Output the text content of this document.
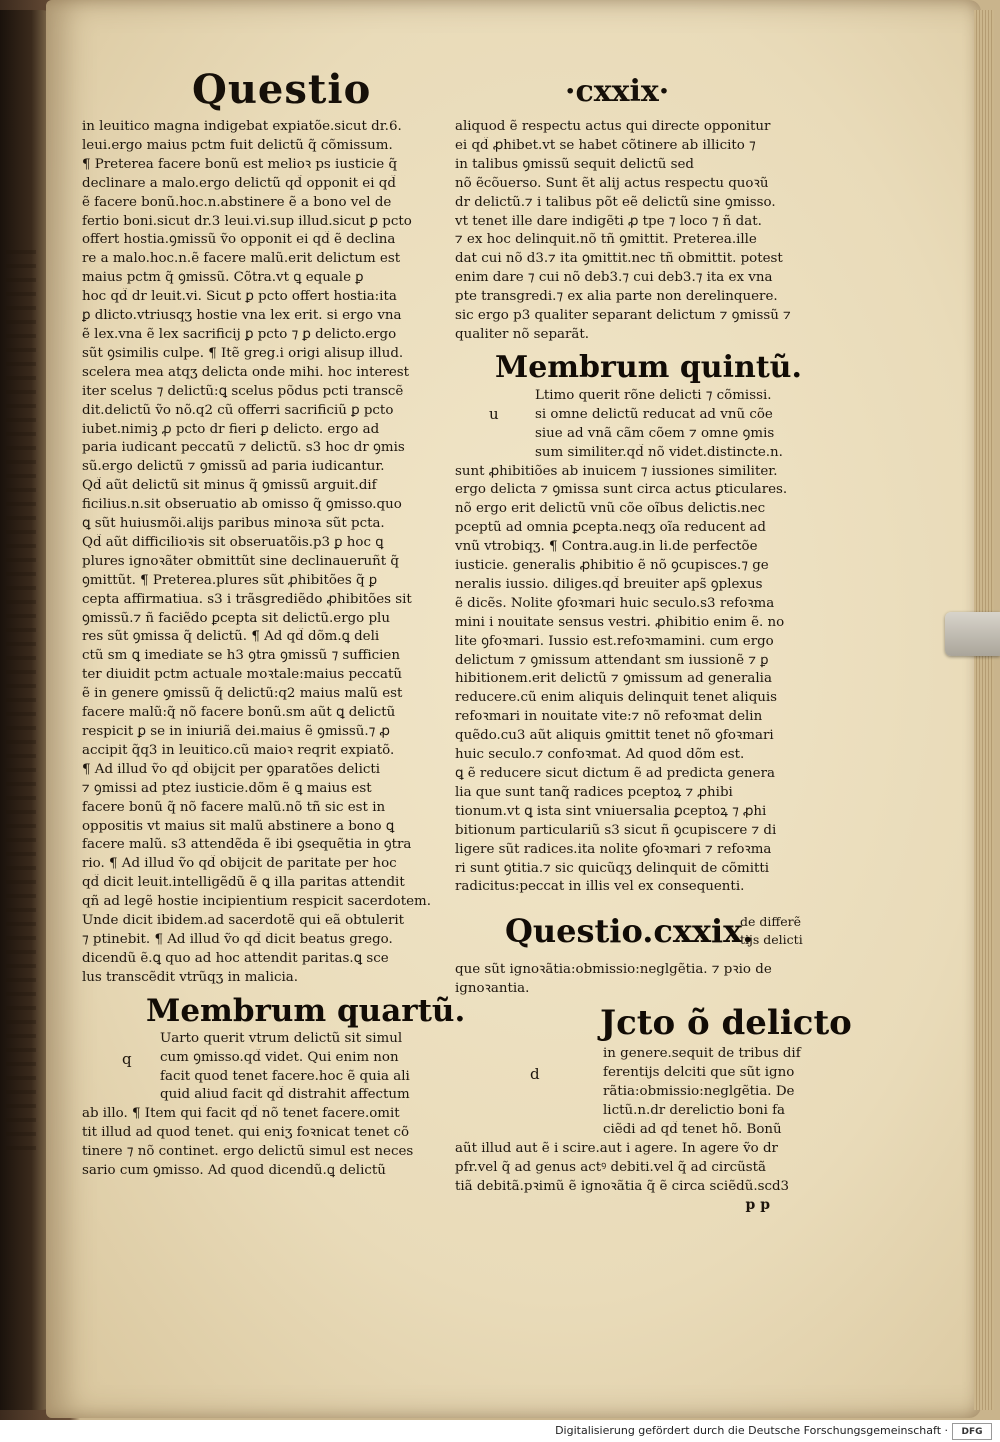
Questio	·cxxix·

in leuitico magna indigebat expiatõe.sicut dr.6.

leui.ergo maius pctm fuit delictũ q̃ cõmissum.

¶ Preterea facere bonũ est melioꝛ ps iusticie q̃

declinare a malo.ergo delictũ qd̃ opponit ei qd̃

ẽ facere bonũ.hoc.n.abstinere ẽ a bono vel de

fertio boni.sicut dr.3 leui.vi.sup illud.sicut ꝑ pcto

offert hostia.ꝯmissũ ṽo opponit ei qd̃ ẽ declina

re a malo.hoc.n.ẽ facere malũ.erit delictum est

maius pctm q̃ ꝯmissũ. Cõtra.vt ꝗ equale ꝑ

hoc qd̃ dr leuit.vi. Sicut ꝑ pcto offert hostia:ita

ꝑ dlicto.vtriusqʒ hostie vna lex erit. si ergo vna

ẽ lex.vna ẽ lex sacrificij ꝑ pcto ⁊ ꝑ delicto.ergo

sũt ꝯsimilis culpe. ¶ Itẽ greg.i origi alisup illud.

scelera mea atqʒ delicta onde mihi. hoc interest

iter scelus ⁊ delictũ:ꝗ scelus põdus pcti transcẽ

dit.delictũ ṽo nõ.q2 cũ offerri sacrificiũ ꝑ pcto

iubet.nimiꝫ ꝓ pcto dr fieri ꝑ delicto. ergo ad

paria iudicant peccatũ ⁊ delictũ. s3 hoc dr ꝯmis

sũ.ergo delictũ ⁊ ꝯmissũ ad paria iudicantur.

Qd̃ aũt delictũ sit minus q̃ ꝯmissũ arguit.dif

ficilius.n.sit obseruatio ab omisso q̃ ꝯmisso.quo

ꝗ sũt huiusmõi.alijs paribus minoꝛa sũt pcta.

Qd̃ aũt difficilioꝛis sit obseruatõis.p3 ꝑ hoc ꝗ

plures ignoꝛãter obmittũt sine declinaueruñt q̃

ꝯmittũt. ¶ Preterea.plures sũt ꝓhibitões q̃ ꝑ

cepta affirmatiua. s3 i trãsgrediẽdo ꝓhibitões sit

ꝯmissũ.⁊ ñ faciẽdo ꝑcepta sit delictũ.ergo plu

res sũt ꝯmissa q̃ delictũ. ¶ Ad qd̃ dõm.ꝗ deli

ctũ sm ꝗ imediate se h3 ꝯtra ꝯmissũ ⁊ sufficien

ter diuidit pctm actuale moꝛtale:maius peccatũ

ẽ in genere ꝯmissũ q̃ delictũ:q2 maius malũ est

facere malũ:q̃ nõ facere bonũ.sm aũt ꝗ delictũ

respicit ꝑ se in iniuriã dei.maius ẽ ꝯmissũ.⁊ ꝓ

accipit q̃q3 in leuitico.cũ maioꝛ reqrit expiatõ.

¶ Ad illud ṽo qd̃ obijcit per ꝯparatões delicti

⁊ ꝯmissi ad ptez iusticie.dõm ẽ ꝗ maius est

facere bonũ q̃ nõ facere malũ.nõ tñ sic est in

oppositis vt maius sit malũ abstinere a bono ꝗ

facere malũ. s3 attendẽda ẽ ibi ꝯsequẽtia in ꝯtra

rio. ¶ Ad illud ṽo qd̃ obijcit de paritate per hoc

qd̃ dicit leuit.intelligẽdũ ẽ ꝗ illa paritas attendit

qñ ad legẽ hostie incipientium respicit sacerdotem.

Unde dicit ibidem.ad sacerdotẽ qui eã obtulerit

⁊ ptinebit. ¶ Ad illud ṽo qd̃ dicit beatus grego.

dicendũ ẽ.ꝗ quo ad hoc attendit paritas.ꝗ sce

lus transcẽdit vtrũqʒ in malicia.

Membrum quartũ.
q

Uarto querit vtrum delictũ sit simul

cum ꝯmisso.qd̃ videt. Qui enim non

facit quod tenet facere.hoc ẽ quia ali

quid aliud facit qd̃ distrahit affectum

ab illo. ¶ Item qui facit qd̃ nõ tenet facere.omit

tit illud ad quod tenet. qui eniʒ foꝛnicat tenet cõ

tinere ⁊ nõ continet. ergo delictũ simul est neces

sario cum ꝯmisso. Ad quod dicendũ.ꝗ delictũ

aliquod ẽ respectu actus qui directe opponitur

ei qd̃ ꝓhibet.vt se habet cõtinere ab illicito ⁊

in talibus ꝯmissũ sequit delictũ sed

nõ ẽcõuerso. Sunt ẽt alij actus respectu quoꝛũ

dr delictũ.⁊ i talibus põt eẽ delictũ sine ꝯmisso.

vt tenet ille dare indigẽti ꝓ tpe ⁊ loco ⁊ ñ dat.

⁊ ex hoc delinquit.nõ tñ ꝯmittit. Preterea.ille

dat cui nõ d3.⁊ ita ꝯmittit.nec tñ obmittit. potest

enim dare ⁊ cui nõ deb3.⁊ cui deb3.⁊ ita ex vna

pte transgredi.⁊ ex alia parte non derelinquere.

sic ergo p3 qualiter separant delictum ⁊ ꝯmissũ ⁊

qualiter nõ separãt.

Membrum quintũ.
u

Ltimo querit rõne delicti ⁊ cõmissi.

si omne delictũ reducat ad vnũ cõe

siue ad vnã cãm cõem ⁊ omne ꝯmis

sum similiter.qd̃ nõ videt.distincte.n.

sunt ꝓhibitiões ab inuicem ⁊ iussiones similiter.

ergo delicta ⁊ ꝯmissa sunt circa actus ꝑticulares.

nõ ergo erit delictũ vnũ cõe oĩbus delictis.nec

pceptũ ad omnia ꝑcepta.neqʒ oĩa reducent ad

vnũ vtrobiqʒ. ¶ Contra.aug.in li.de perfectõe

iusticie. generalis ꝓhibitio ẽ nõ ꝯcupisces.⁊ ge

neralis iussio. diliges.qd̃ breuiter aps̃ ꝯplexus

ẽ dicẽs. Nolite ꝯfoꝛmari huic seculo.s3 refoꝛma

mini i nouitate sensus vestri. ꝓhibitio enim ẽ. no

lite ꝯfoꝛmari. Iussio est.refoꝛmamini. cum ergo

delictum ⁊ ꝯmissum attendant sm iussionẽ ⁊ ꝑ

hibitionem.erit delictũ ⁊ ꝯmissum ad generalia

reducere.cũ enim aliquis delinquit tenet aliquis

refoꝛmari in nouitate vite:⁊ nõ refoꝛmat delin

quẽdo.cu3 aũt aliquis ꝯmittit tenet nõ ꝯfoꝛmari

huic seculo.⁊ confoꝛmat. Ad quod dõm est.

ꝗ ẽ reducere sicut dictum ẽ ad predicta genera

lia que sunt tanq̃ radices pceptoꝝ ⁊ ꝓhibi

tionum.vt ꝗ ista sint vniuersalia ꝑceptoꝝ ⁊ ꝓhi

bitionum particulariũ s3 sicut ñ ꝯcupiscere ⁊ di

ligere sũt radices.ita nolite ꝯfoꝛmari ⁊ refoꝛma

ri sunt ꝯtitia.⁊ sic quicũqʒ delinquit de cõmitti

radicitus:peccat in illis vel ex consequenti.

Questio.cxxix.

de differẽ

tijs delicti

que sũt ignoꝛãtia:obmissio:neglgẽtia. ⁊ pꝛio de

ignoꝛantia.

Jcto õ delicto
d

in genere.sequit de tribus dif

ferentijs delciti que sũt igno

rãtia:obmissio:neglgẽtia. De

lictũ.n.dr derelictio boni fa

ciẽdi ad qd̃ tenet hõ. Bonũ

aũt illud aut ẽ i scire.aut i agere. In agere ṽo dr

pfr.vel q̃ ad genus actꝰ debiti.vel q̃ ad circũstã

tiã debitã.pꝛimũ ẽ ignoꝛãtia q̃ ẽ circa sciẽdũ.scd3

p p
Digitalisierung gefördert durch die Deutsche Forschungsgemeinschaft ·	DFG
